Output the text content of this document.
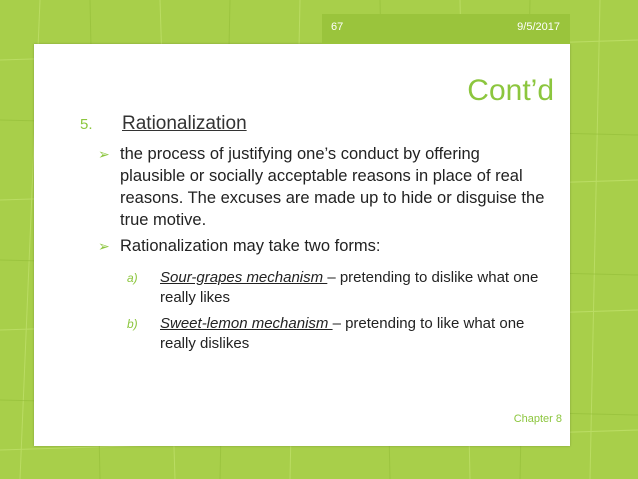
67	9/5/2017
Cont’d
5.	Rationalization
➢ the process of justifying one’s conduct by offering plausible or socially acceptable reasons in place of real reasons. The excuses are made up to hide or disguise the true motive.
➢ Rationalization may take two forms:
a)	Sour-grapes mechanism – pretending to dislike what one really likes
b)	Sweet-lemon mechanism – pretending to like what one really dislikes
Chapter 8
